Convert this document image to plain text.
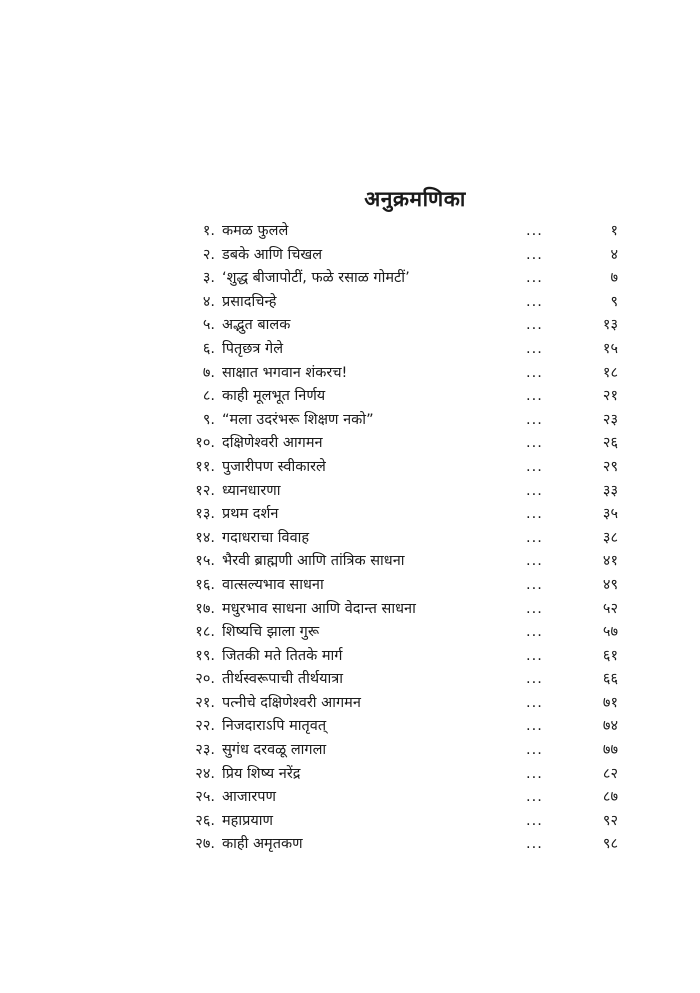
अनुक्रमणिका
१. कमळ फुलले	...	१
२. डबके आणि चिखल	...	४
३. ‘शुद्ध बीजापोटीं, फळे रसाळ गोमटीं’	...	७
४. प्रसादचिन्हे	...	९
५. अद्भुत बालक	...	१३
६. पितृछत्र गेले	...	१५
७. साक्षात भगवान शंकरच!	...	१८
८. काही मूलभूत निर्णय	...	२१
९. “मला उदरंभरू शिक्षण नको”	...	२३
१०. दक्षिणेश्वरी आगमन	...	२६
११. पुजारीपण स्वीकारले	...	२९
१२. ध्यानधारणा	...	३३
१३. प्रथम दर्शन	...	३५
१४. गदाधराचा विवाह	...	३८
१५. भैरवी ब्राह्मणी आणि तांत्रिक साधना	...	४१
१६. वात्सल्यभाव साधना	...	४९
१७. मधुरभाव साधना आणि वेदान्त साधना	...	५२
१८. शिष्यचि झाला गुरू	...	५७
१९. जितकी मते तितके मार्ग	...	६१
२०. तीर्थस्वरूपाची तीर्थयात्रा	...	६६
२१. पत्नीचे दक्षिणेश्वरी आगमन	...	७१
२२. निजदाराऽपि मातृवत्	...	७४
२३. सुगंध दरवळू लागला	...	७७
२४. प्रिय शिष्य नरेंद्र	...	८२
२५. आजारपण	...	८७
२६. महाप्रयाण	...	९२
२७. काही अमृतकण	...	९८
